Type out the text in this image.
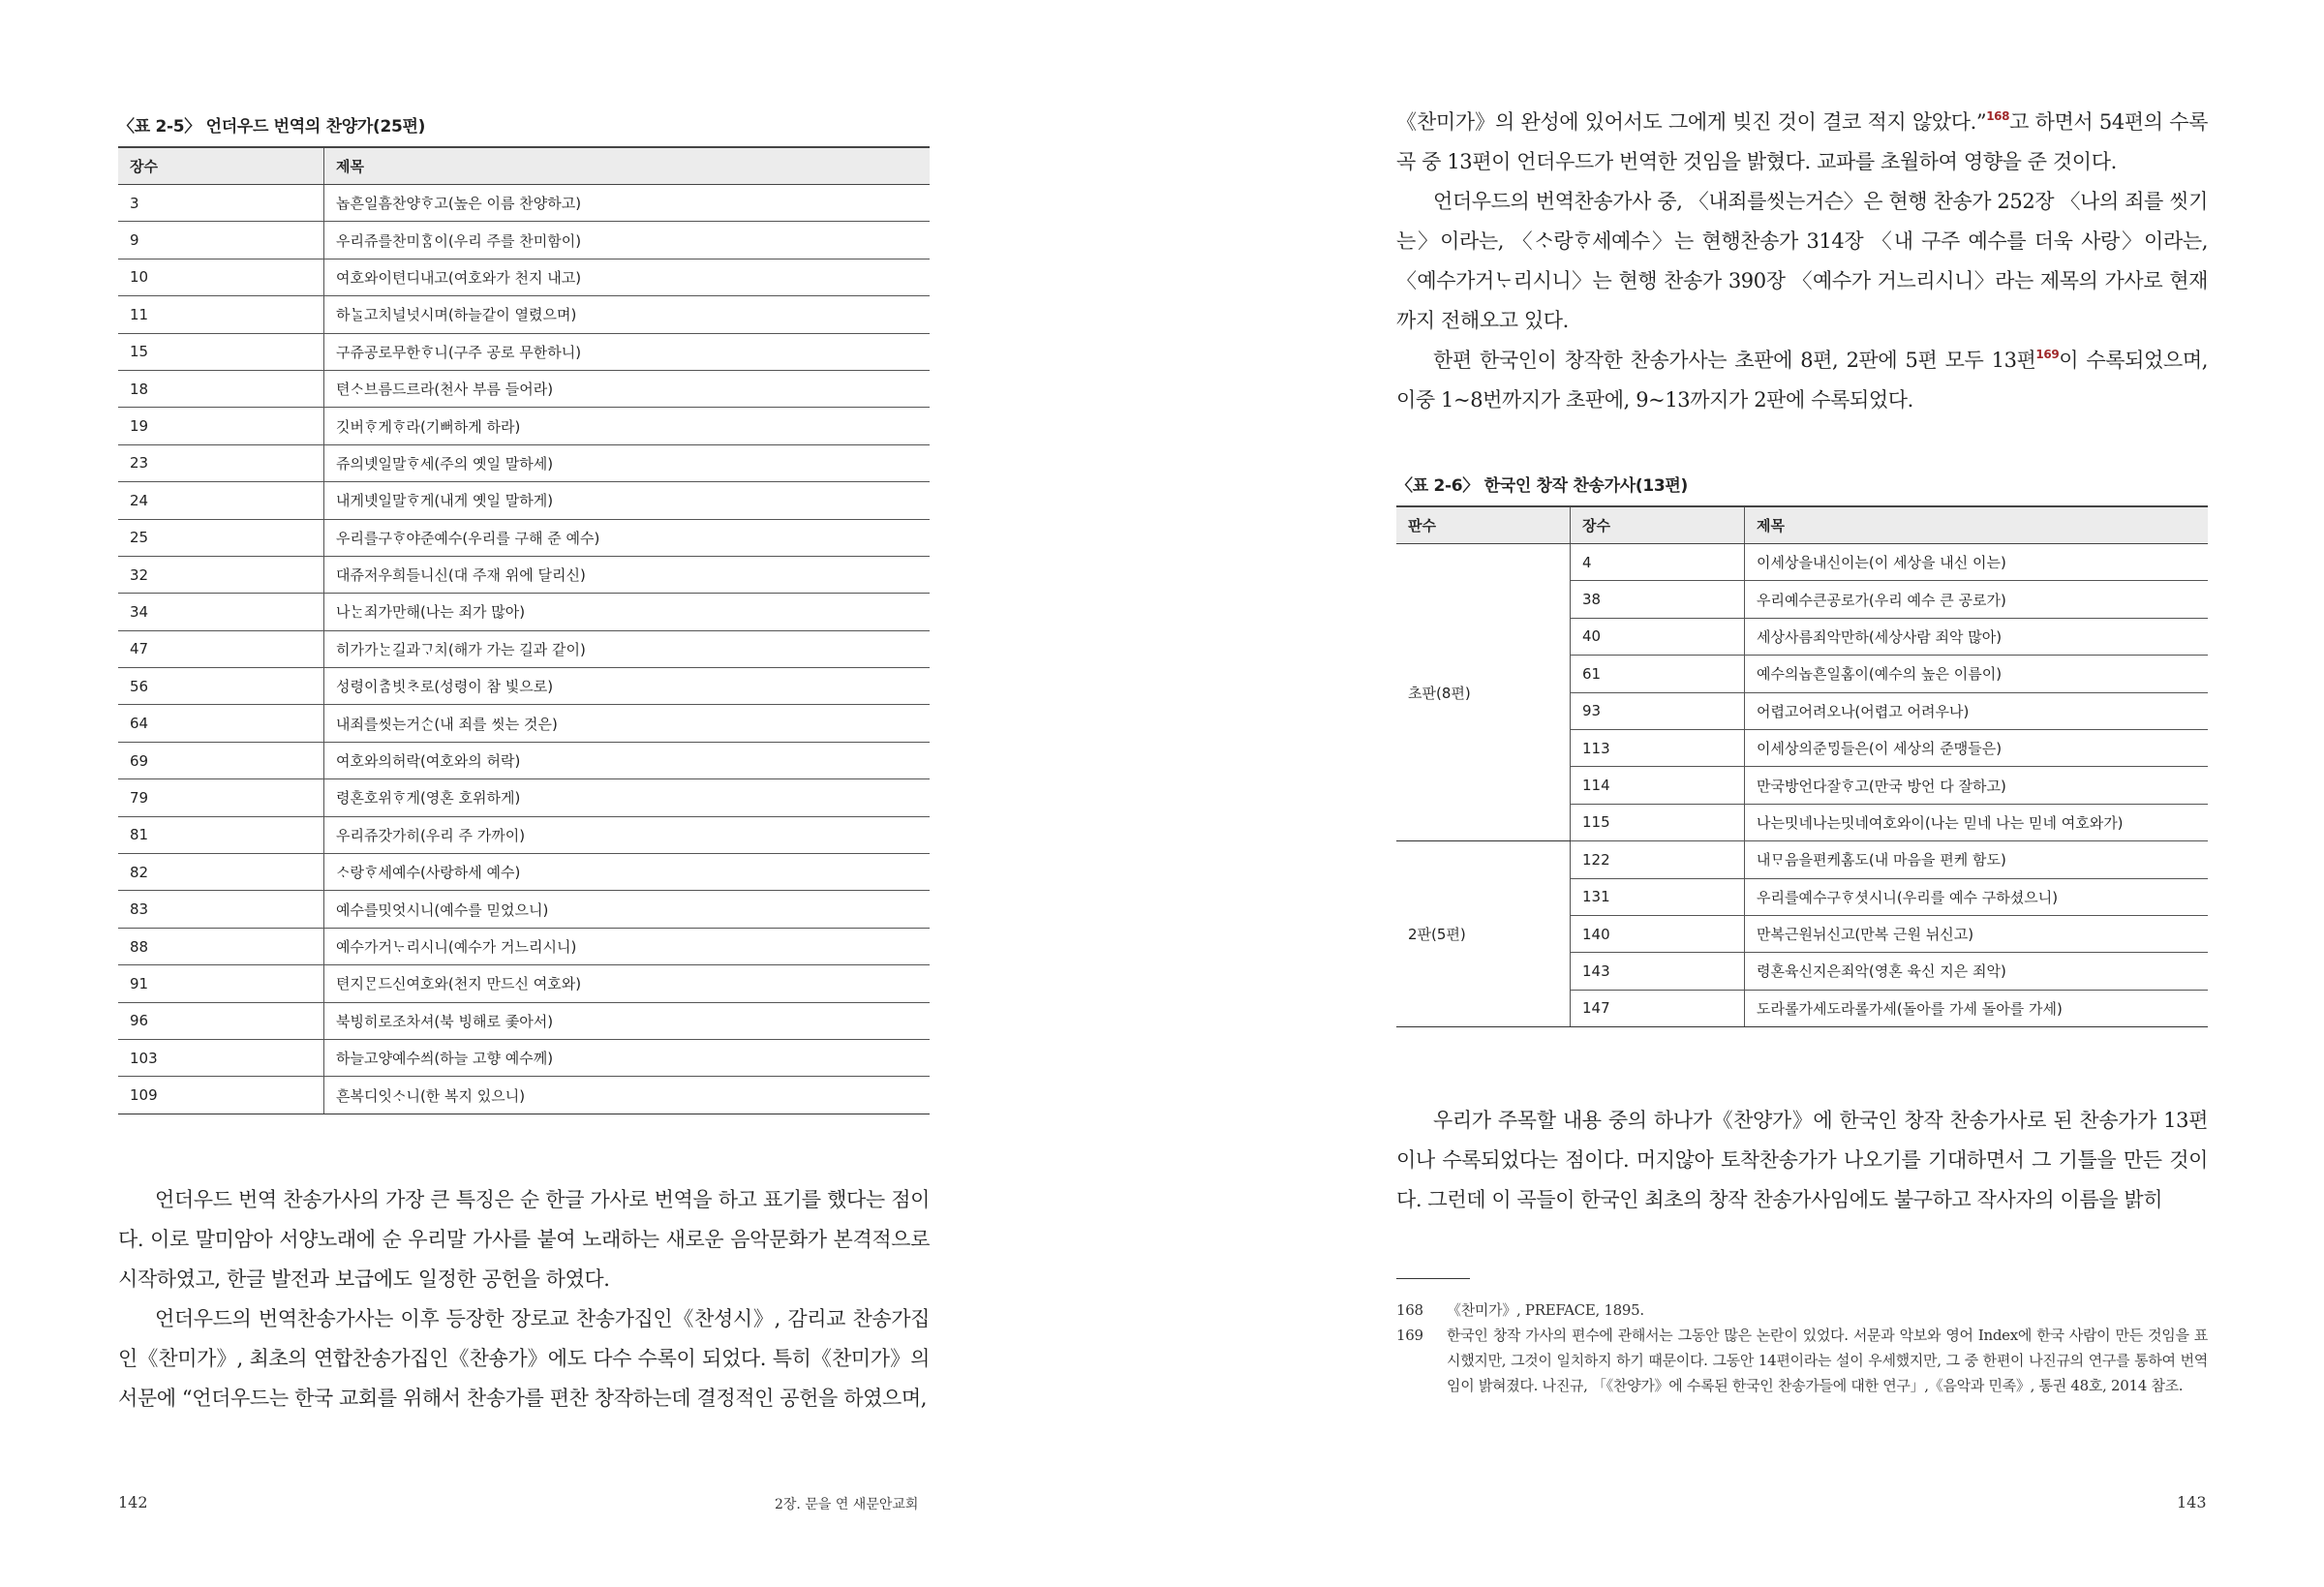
〈표 2-5〉 언더우드 번역의 찬양가(25편)
장수	제목
3	놉흔일흠찬양ᄒᆞ고(높은 이름 찬양하고)
9	우리쥬를찬미ᄒᆞᆷ이(우리 주를 찬미함이)
10	여호와이텬디내고(여호와가 천지 내고)
11	하ᄂᆞᆯ고치널넛시며(하늘같이 열렸으며)
15	구쥬공로무한ᄒᆞ니(구주 공로 무한하니)
18	텬ᄉᆞ브름드르라(천사 부름 들어라)
19	깃버ᄒᆞ게ᄒᆞ라(기뻐하게 하라)
23	쥬의녯일말ᄒᆞ세(주의 옛일 말하세)
24	내게녯일말ᄒᆞ게(내게 옛일 말하게)
25	우리를구ᄒᆞ야준예수(우리를 구해 준 예수)
32	대쥬저우희들니신(대 주재 위에 달리신)
34	나ᄂᆞᆫ죄가만해(나는 죄가 많아)
47	히가가ᄂᆞᆫ길과ᄀᆞ치(해가 가는 길과 같이)
56	성령이ᄎᆞᆷ빗ᄎᆞ로(성령이 참 빛으로)
64	내죄를씻는거ᄉᆞᆫ(내 죄를 씻는 것은)
69	여호와의허락(여호와의 허락)
79	령혼호위ᄒᆞ게(영혼 호위하게)
81	우리쥬갓가히(우리 주 가까이)
82	ᄉᆞ랑ᄒᆞ세예수(사랑하세 예수)
83	예수를밋엇시니(예수를 믿었으니)
88	예수가거ᄂᆞ리시니(예수가 거느리시니)
91	텬지ᄆᆞᆫ드신여호와(천지 만드신 여호와)
96	북빙히로조차셔(북 빙해로 좇아서)
103	하늘고양예수씌(하늘 고향 예수께)
109	흔복디잇ᄉᆞ니(한 복지 있으니)

언더우드 번역 찬송가사의 가장 큰 특징은 순 한글 가사로 번역을 하고 표기를 했다는 점이다. 이로 말미암아 서양노래에 순 우리말 가사를 붙여 노래하는 새로운 음악문화가 본격적으로 시작하였고, 한글 발전과 보급에도 일정한 공헌을 하였다.

언더우드의 번역찬송가사는 이후 등장한 장로교 찬송가집인《찬셩시》, 감리교 찬송가집인《찬미가》, 최초의 연합찬송가집인《찬숑가》에도 다수 수록이 되었다. 특히《찬미가》의 서문에 “언더우드는 한국 교회를 위해서 찬송가를 편찬 창작하는데 결정적인 공헌을 하였으며,

142	2장. 문을 연 새문안교회

《찬미가》의 완성에 있어서도 그에게 빚진 것이 결코 적지 않았다.”$^{168}$고 하면서 54편의 수록곡 중 13편이 언더우드가 번역한 것임을 밝혔다. 교파를 초월하여 영향을 준 것이다.

언더우드의 번역찬송가사 중, 〈내죄를씻는거슨〉은 현행 찬송가 252장 〈나의 죄를 씻기는〉이라는, 〈ᄉᆞ랑ᄒᆞ세예수〉는 현행찬송가 314장 〈내 구주 예수를 더욱 사랑〉이라는, 〈예수가거ᄂᆞ리시니〉는 현행 찬송가 390장 〈예수가 거느리시니〉라는 제목의 가사로 현재까지 전해오고 있다.

한편 한국인이 창작한 찬송가사는 초판에 8편, 2판에 5편 모두 13편$^{169}$이 수록되었으며, 이중 1~8번까지가 초판에, 9~13까지가 2판에 수록되었다.

〈표 2-6〉 한국인 창작 찬송가사(13편)
판수	장수	제목
초판(8편)	4	이세상을내신이는(이 세상을 내신 이는)
	38	우리예수큰공로가(우리 예수 큰 공로가)
	40	세상사름죄악만하(세상사람 죄악 많아)
	61	예수의놉흔일홈이(예수의 높은 이름이)
	93	어렵고어려오나(어렵고 어려우나)
	113	이세상의준ᄆᆡᆼ들은(이 세상의 준맹들은)
	114	만국방언다잘ᄒᆞ고(만국 방언 다 잘하고)
	115	나는밋네나는밋네여호와이(나는 믿네 나는 믿네 여호와가)
2판(5편)	122	내ᄆᆞ음을편케홈도(내 마음을 편케 함도)
	131	우리를예수구ᄒᆞ셧시니(우리를 예수 구하셨으니)
	140	만복근원뉘신고(만복 근원 뉘신고)
	143	령혼육신지은죄악(영혼 육신 지은 죄악)
	147	도라롤가세도라롤가세(돌아를 가세 돌아를 가세)

우리가 주목할 내용 중의 하나가《찬양가》에 한국인 창작 찬송가사로 된 찬송가가 13편이나 수록되었다는 점이다. 머지않아 토착찬송가가 나오기를 기대하면서 그 기틀을 만든 것이다. 그런데 이 곡들이 한국인 최초의 창작 찬송가사임에도 불구하고 작사자의 이름을 밝히

168 《찬미가》, PREFACE, 1895.
169 한국인 창작 가사의 편수에 관해서는 그동안 많은 논란이 있었다. 서문과 악보와 영어 Index에 한국 사람이 만든 것임을 표시했지만, 그것이 일치하지 하기 때문이다. 그동안 14편이라는 설이 우세했지만, 그 중 한편이 나진규의 연구를 통하여 번역임이 밝혀졌다. 나진규, 「《찬양가》에 수록된 한국인 찬송가들에 대한 연구」,《음악과 민족》, 통권 48호, 2014 참조.
143
